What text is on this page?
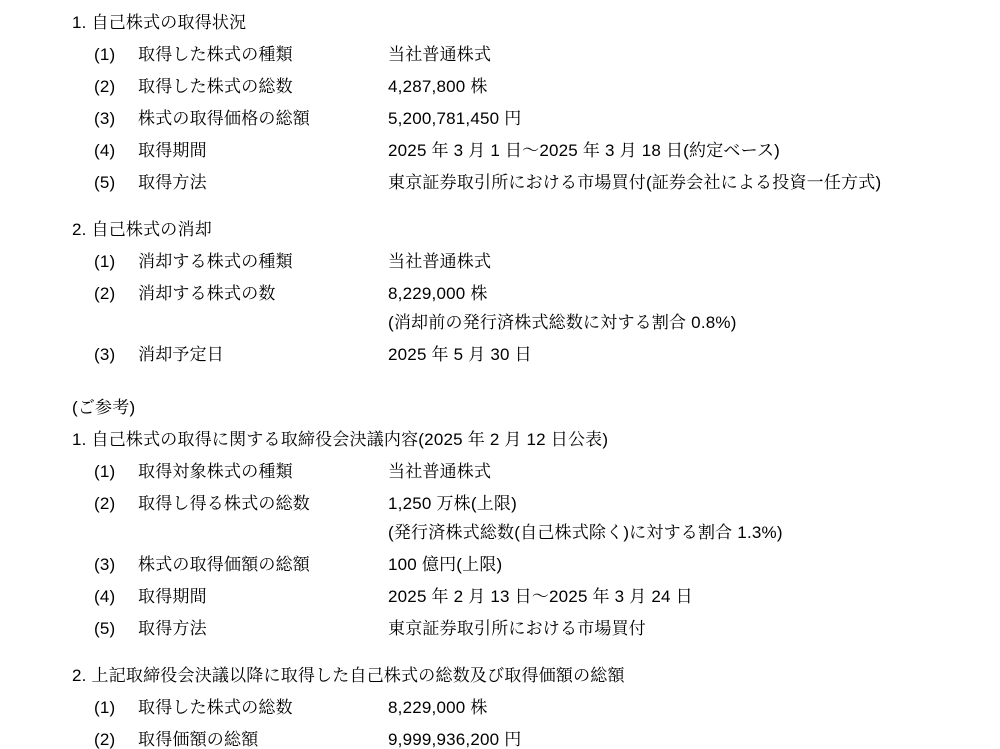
1. 自己株式の取得状況
(1)	取得した株式の種類	当社普通株式
(2)	取得した株式の総数	4,287,800 株
(3)	株式の取得価格の総額	5,200,781,450 円
(4)	取得期間	2025 年 3 月 1 日～2025 年 3 月 18 日(約定ベース)
(5)	取得方法	東京証券取引所における市場買付(証券会社による投資一任方式)
2. 自己株式の消却
(1)	消却する株式の種類	当社普通株式
(2)	消却する株式の数	8,229,000 株
(消却前の発行済株式総数に対する割合 0.8%)
(3)	消却予定日	2025 年 5 月 30 日
(ご参考)
1. 自己株式の取得に関する取締役会決議内容(2025 年 2 月 12 日公表)
(1)	取得対象株式の種類	当社普通株式
(2)	取得し得る株式の総数	1,250 万株(上限)
(発行済株式総数(自己株式除く)に対する割合 1.3%)
(3)	株式の取得価額の総額	100 億円(上限)
(4)	取得期間	2025 年 2 月 13 日～2025 年 3 月 24 日
(5)	取得方法	東京証券取引所における市場買付
2. 上記取締役会決議以降に取得した自己株式の総数及び取得価額の総額
(1)	取得した株式の総数	8,229,000 株
(2)	取得価額の総額	9,999,936,200 円
